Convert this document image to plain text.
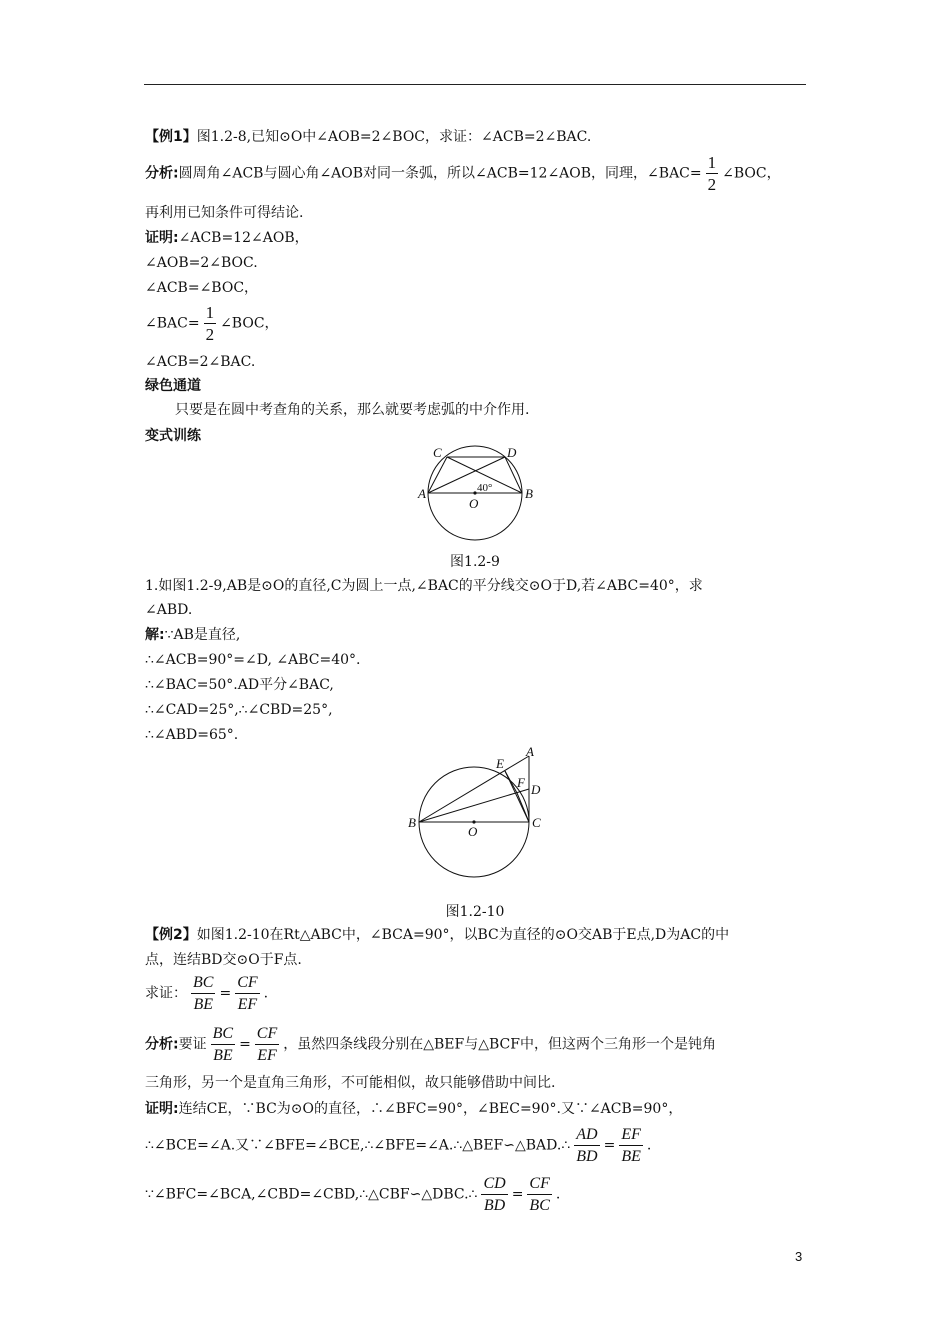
【例1】图1.2-8,已知⊙O中∠AOB=2∠BOC，求证：∠ACB=2∠BAC.
分析:圆周角∠ACB与圆心角∠AOB对同一条弧，所以∠ACB=12∠AOB，同理，∠BAC= $\frac{1}{2}$ ∠BOC，
再利用已知条件可得结论.
证明:∠ACB=12∠AOB，
∠AOB=2∠BOC.
∠ACB=∠BOC，
∠BAC= $\frac{1}{2}$ ∠BOC，
∠ACB=2∠BAC.
绿色通道
只要是在圆中考查角的关系，那么就要考虑弧的中介作用.
变式训练
C	D
A	B
O
40°
图1.2-9
1.如图1.2-9,AB是⊙O的直径,C为圆上一点,∠BAC的平分线交⊙O于D,若∠ABC=40°，求
∠ABD.
解:∵AB是直径,
∴∠ACB=90°=∠D, ∠ABC=40°.
∴∠BAC=50°.AD平分∠BAC,
∴∠CAD=25°,∴∠CBD=25°,
∴∠ABD=65°.
E
A
F D
B	C
O
图1.2-10
【例2】如图1.2-10在Rt△ABC中，∠BCA=90°，以BC为直径的⊙O交AB于E点,D为AC的中
点，连结BD交⊙O于F点.
求证： $\frac{BC}{BE} = \frac{CF}{EF}$ .
分析:要证 $\frac{BC}{BE} = \frac{CF}{EF}$ ，虽然四条线段分别在△BEF与△BCF中，但这两个三角形一个是钝角
三角形，另一个是直角三角形，不可能相似，故只能够借助中间比.
证明:连结CE，∵BC为⊙O的直径，∴∠BFC=90°，∠BEC=90°.又∵∠ACB=90°，
∴∠BCE=∠A.又∵∠BFE=∠BCE,∴∠BFE=∠A.∴△BEF∽△BAD.∴ $\frac{AD}{BD} = \frac{EF}{BE}$ .
∵∠BFC=∠BCA,∠CBD=∠CBD,∴△CBF∽△DBC.∴ $\frac{CD}{BD} = \frac{CF}{BC}$ .
3
